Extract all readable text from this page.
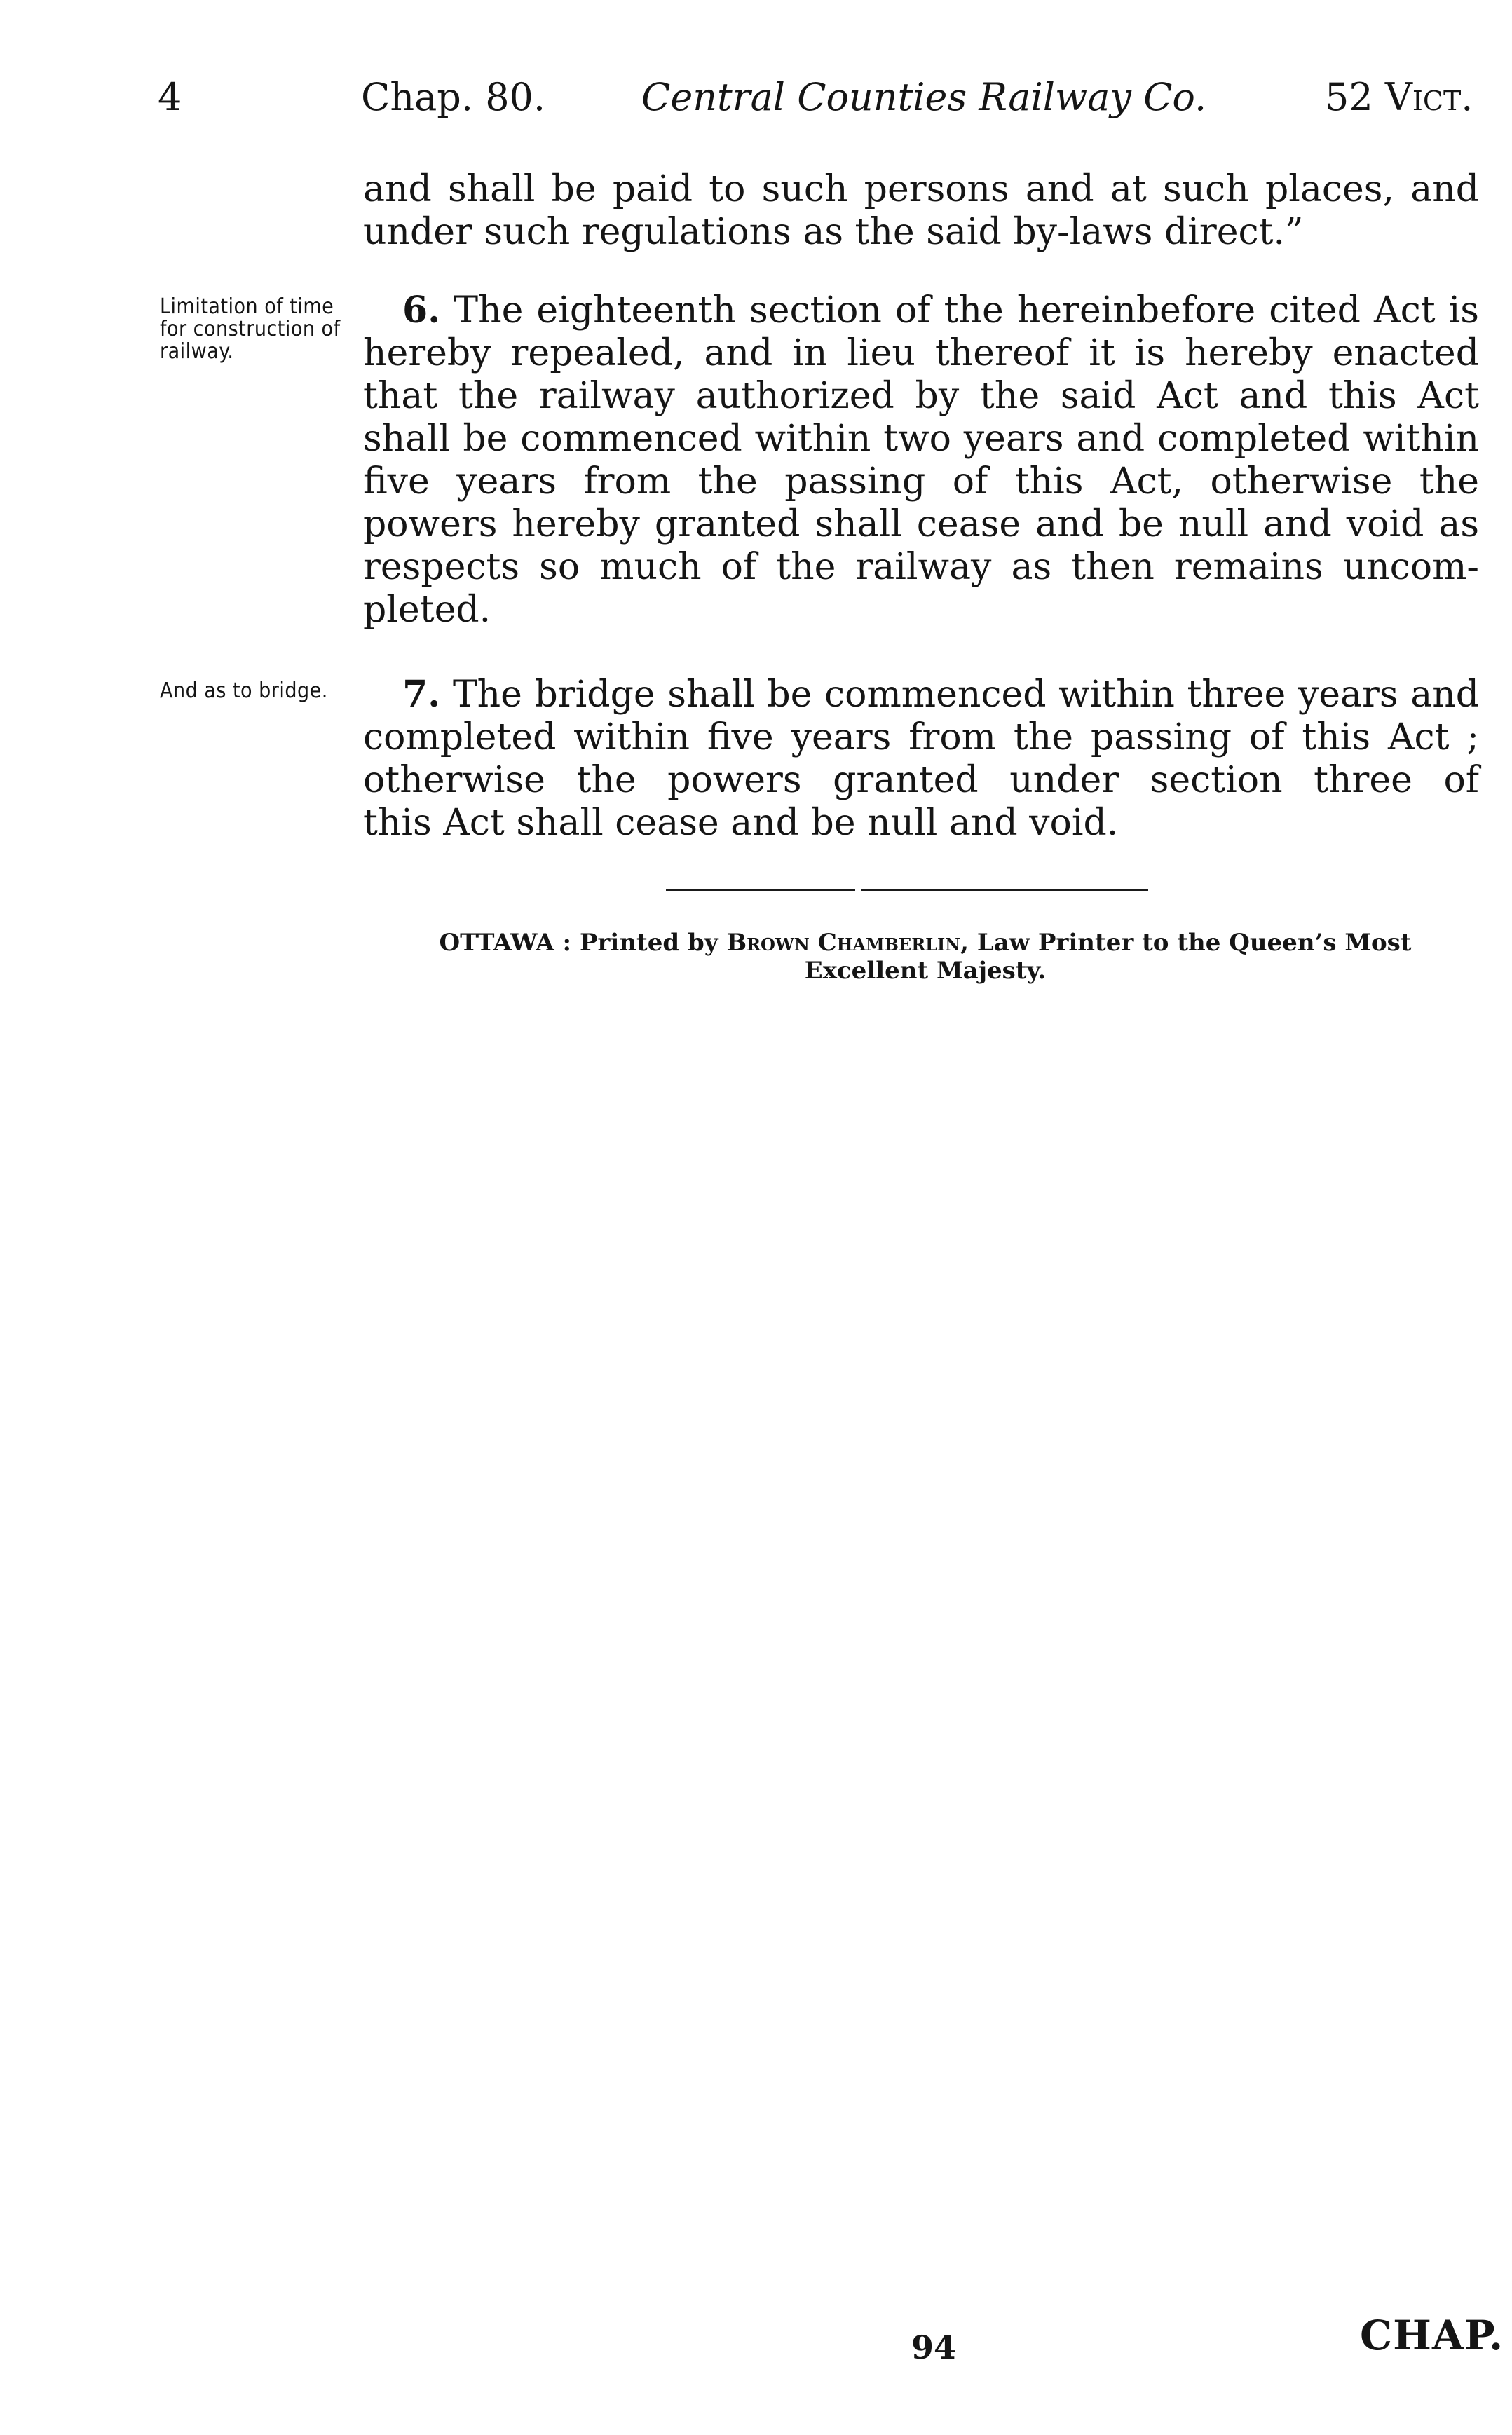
4	Chap. 80.	Central Counties Railway Co.	52 Vict.
and shall be paid to such persons and at such places, and
under such regulations as the said by-laws direct.”
Limitation of time for construction of railway.

6. The eighteenth section of the hereinbefore cited Act is hereby repealed, and in lieu thereof it is hereby enacted that the railway authorized by the said Act and this Act shall be commenced within two years and completed within five years from the passing of this Act, otherwise the powers hereby granted shall cease and be null and void as respects so much of the railway as then remains uncom-

pleted.

And as to bridge.	7. The bridge shall be commenced within three years and completed within five years from the passing of this Act ; otherwise the powers granted under section three of

this Act shall cease and be null and void.

OTTAWA : Printed by Brown Chamberlin, Law Printer to the Queen’s Most Excellent Majesty.
94	CHAP.
